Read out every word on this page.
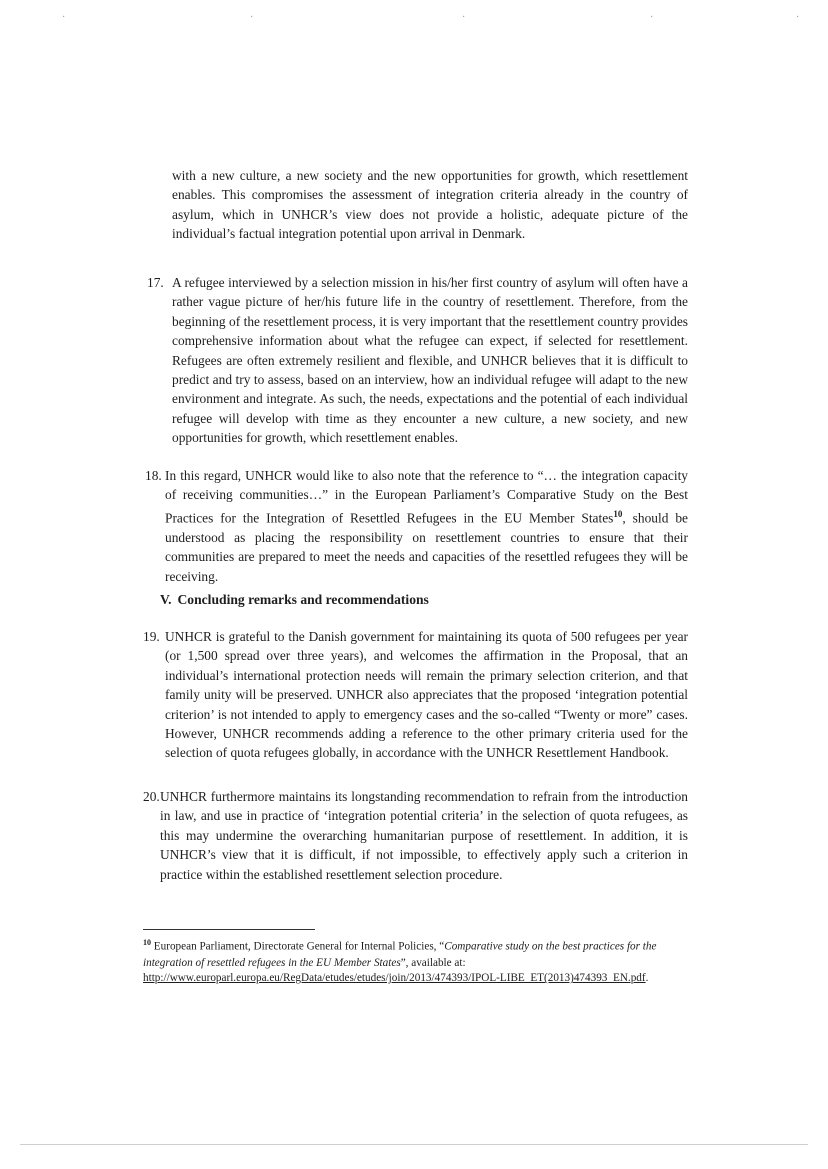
·	·	·	·	·

with a new culture, a new society and the new opportunities for growth, which resettlement enables. This compromises the assessment of integration criteria already in the country of asylum, which in UNHCR’s view does not provide a holistic, adequate picture of the individual’s factual integration potential upon arrival in Denmark.

17. A refugee interviewed by a selection mission in his/her first country of asylum will often have a rather vague picture of her/his future life in the country of resettlement. Therefore, from the beginning of the resettlement process, it is very important that the resettlement country provides comprehensive information about what the refugee can expect, if selected for resettlement. Refugees are often extremely resilient and flexible, and UNHCR believes that it is difficult to predict and try to assess, based on an interview, how an individual refugee will adapt to the new environment and integrate. As such, the needs, expectations and the potential of each individual refugee will develop with time as they encounter a new culture, a new society, and new opportunities for growth, which resettlement enables.

18. In this regard, UNHCR would like to also note that the reference to “… the integration capacity of receiving communities…” in the European Parliament’s Comparative Study on the Best Practices for the Integration of Resettled Refugees in the EU Member States$^{10}$, should be understood as placing the responsibility on resettlement countries to ensure that their communities are prepared to meet the needs and capacities of the resettled refugees they will be receiving.

V. Concluding remarks and recommendations
19. UNHCR is grateful to the Danish government for maintaining its quota of 500 refugees per year (or 1,500 spread over three years), and welcomes the affirmation in the Proposal, that an individual’s international protection needs will remain the primary selection criterion, and that family unity will be preserved. UNHCR also appreciates that the proposed ‘integration potential criterion’ is not intended to apply to emergency cases and the so-called “Twenty or more” cases. However, UNHCR recommends adding a reference to the other primary criteria used for the selection of quota refugees globally, in accordance with the UNHCR Resettlement Handbook.

20. UNHCR furthermore maintains its longstanding recommendation to refrain from the introduction in law, and use in practice of ‘integration potential criteria’ in the selection of quota refugees, as this may undermine the overarching humanitarian purpose of resettlement. In addition, it is UNHCR’s view that it is difficult, if not impossible, to effectively apply such a criterion in practice within the established resettlement selection procedure.

$^{10}$ European Parliament, Directorate General for Internal Policies, “Comparative study on the best practices for the integration of resettled refugees in the EU Member States”, available at:
http://www.europarl.europa.eu/RegData/etudes/etudes/join/2013/474393/IPOL-LIBE_ET(2013)474393_EN.pdf.
